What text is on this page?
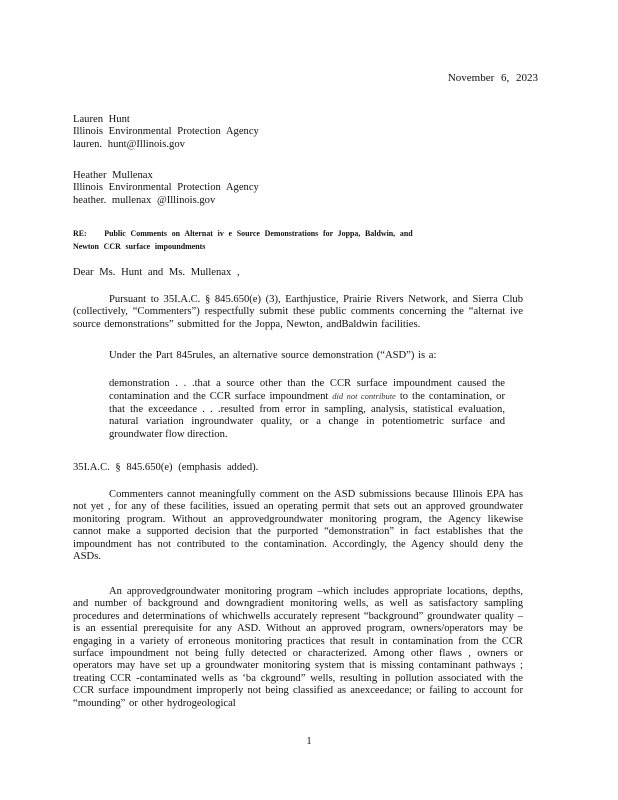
November 6, 2023
Lauren Hunt
Illinois Environmental Protection Agency
lauren. hunt@Illinois.gov
Heather Mullenax
Illinois Environmental Protection Agency
heather. mullenax @Illinois.gov
RE: Public Comments on Alternat iv e Source Demonstrations for Joppa, Baldwin, and
Newton CCR surface impoundments
Dear Ms. Hunt and Ms. Mullenax ,
Pursuant to 35I.A.C. § 845.650(e) (3), Earthjustice, Prairie Rivers Network, and Sierra Club (collectively, “Commenters”) respectfully submit these public comments concerning the “alternat ive source demonstrations” submitted for the Joppa, Newton, andBaldwin facilities.
Under the Part 845rules, an alternative source demonstration (“ASD”) is a:
demonstration . . .that a source other than the CCR surface impoundment caused the contamination and the CCR surface impoundment did not contribute to the contamination, or that the exceedance . . .resulted from error in sampling, analysis, statistical evaluation, natural variation ingroundwater quality, or a change in potentiometric surface and groundwater flow direction.
35I.A.C. § 845.650(e) (emphasis added).
Commenters cannot meaningfully comment on the ASD submissions because Illinois EPA has not yet , for any of these facilities, issued an operating permit that sets out an approved groundwater monitoring program. Without an approvedgroundwater monitoring program, the Agency likewise cannot make a supported decision that the purported “demonstration” in fact establishes that the impoundment has not contributed to the contamination. Accordingly, the Agency should deny the ASDs.
An approvedgroundwater monitoring program –which includes appropriate locations, depths, and number of background and downgradient monitoring wells, as well as satisfactory sampling procedures and determinations of whichwells accurately represent “background” groundwater quality –is an essential prerequisite for any ASD. Without an approved program, owners/operators may be engaging in a variety of erroneous monitoring practices that result in contamination from the CCR surface impoundment not being fully detected or characterized. Among other flaws , owners or operators may have set up a groundwater monitoring system that is missing contaminant pathways ; treating CCR -contaminated wells as ‘ba ckground” wells, resulting in pollution associated with the CCR surface impoundment improperly not being classified as anexceedance; or failing to account for “mounding” or other hydrogeological
1
